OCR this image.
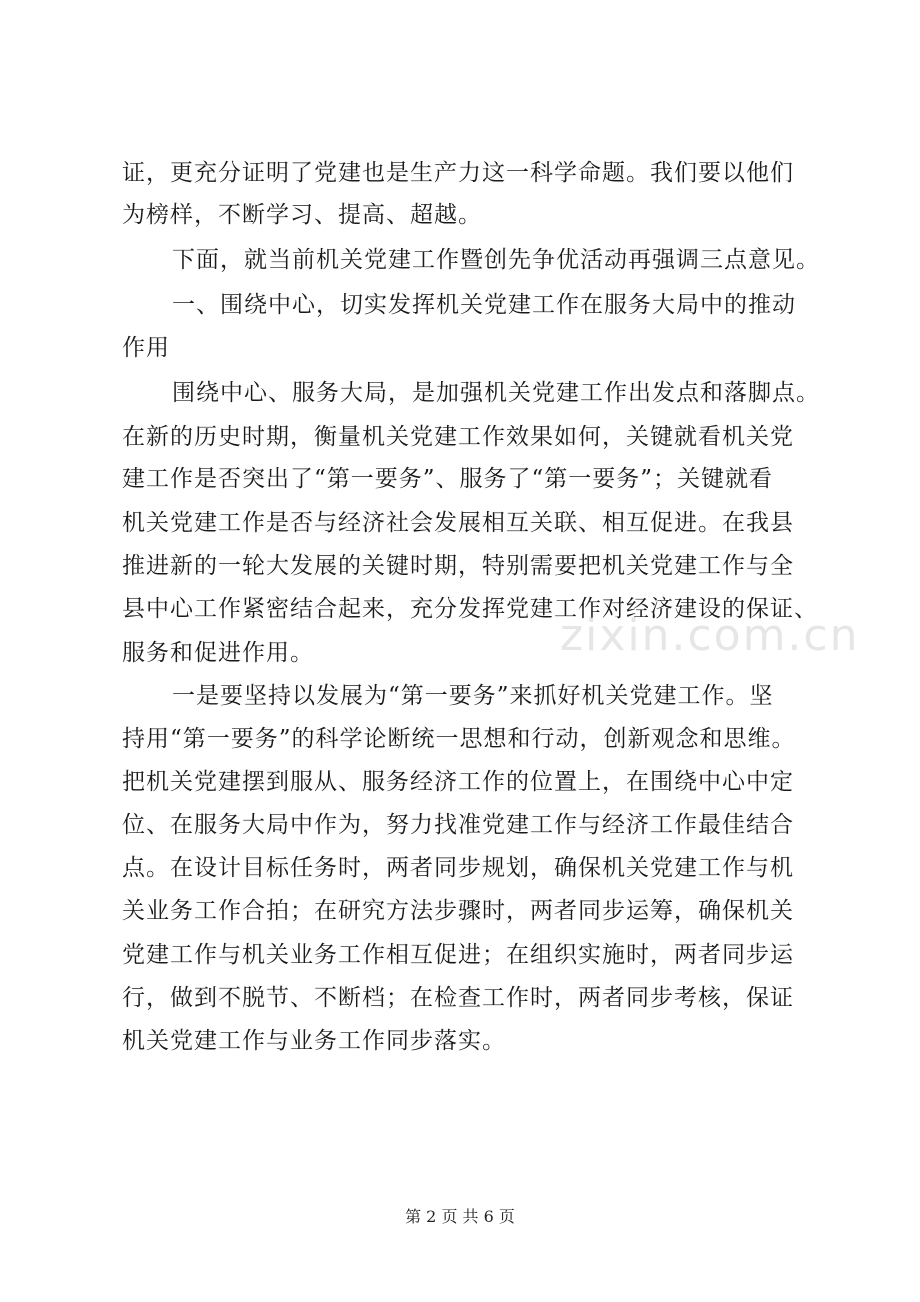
证，更充分证明了党建也是生产力这一科学命题。我们要以他们
为榜样，不断学习、提高、超越。
下面，就当前机关党建工作暨创先争优活动再强调三点意见。
一、围绕中心，切实发挥机关党建工作在服务大局中的推动
作用
围绕中心、服务大局，是加强机关党建工作出发点和落脚点。
在新的历史时期，衡量机关党建工作效果如何，关键就看机关党
建工作是否突出了“第一要务”、服务了“第一要务”；关键就看
机关党建工作是否与经济社会发展相互关联、相互促进。在我县
推进新的一轮大发展的关键时期，特别需要把机关党建工作与全
县中心工作紧密结合起来，充分发挥党建工作对经济建设的保证、
服务和促进作用。
一是要坚持以发展为“第一要务”来抓好机关党建工作。坚
持用“第一要务”的科学论断统一思想和行动，创新观念和思维。
把机关党建摆到服从、服务经济工作的位置上，在围绕中心中定
位、在服务大局中作为，努力找准党建工作与经济工作最佳结合
点。在设计目标任务时，两者同步规划，确保机关党建工作与机
关业务工作合拍；在研究方法步骤时，两者同步运筹，确保机关
党建工作与机关业务工作相互促进；在组织实施时，两者同步运
行，做到不脱节、不断档；在检查工作时，两者同步考核，保证
机关党建工作与业务工作同步落实。
zixin.com.cn
第 2 页 共 6 页
